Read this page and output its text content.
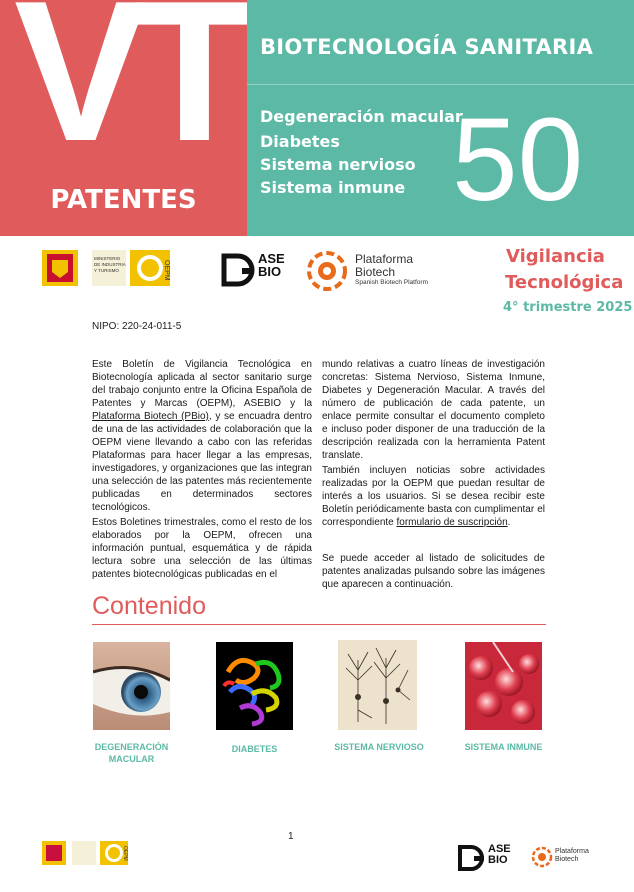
VT
PATENTES
BIOTECNOLOGÍA SANITARIA
Degeneración macular
Diabetes
Sistema nervioso
Sistema inmune 50
MINISTERIO
DE INDUSTRIA
Y TURISMO	OEPM
ASE
BIO
Plataforma
Biotech
Spanish Biotech Platform
Vigilancia
Tecnológica
4° trimestre 2025
NIPO: 220-24-011-5
Este Boletín de Vigilancia Tecnológica en Biotecnología aplicada al sector sanitario surge del trabajo conjunto entre la Oficina Española de Patentes y Marcas (OEPM), ASEBIO y la Plataforma Biotech (PBio), y se encuadra dentro de una de las actividades de colaboración que la OEPM viene llevando a cabo con las referidas Plataformas para hacer llegar a las empresas, investigadores, y organizaciones que las integran una selección de las patentes más recientemente publicadas en determinados sectores tecnológicos.
Estos Boletines trimestrales, como el resto de los elaborados por la OEPM, ofrecen una información puntual, esquemática y de rápida lectura sobre una selección de las últimas patentes biotecnológicas publicadas en el
mundo relativas a cuatro líneas de investigación concretas: Sistema Nervioso, Sistema Inmune, Diabetes y Degeneración Macular. A través del número de publicación de cada patente, un enlace permite consultar el documento completo e incluso poder disponer de una traducción de la descripción realizada con la herramienta Patent translate.
También incluyen noticias sobre actividades realizadas por la OEPM que puedan resultar de interés a los usuarios. Si se desea recibir este Boletín periódicamente basta con cumplimentar el correspondiente formulario de suscripción.
Se puede acceder al listado de solicitudes de patentes analizadas pulsando sobre las imágenes que aparecen a continuación.
Contenido
DEGENERACIÓN
MACULAR
DIABETES	SISTEMA NERVIOSO	SISTEMA INMUNE
1
OEPM	ASE
BIO
Plataforma
Biotech
